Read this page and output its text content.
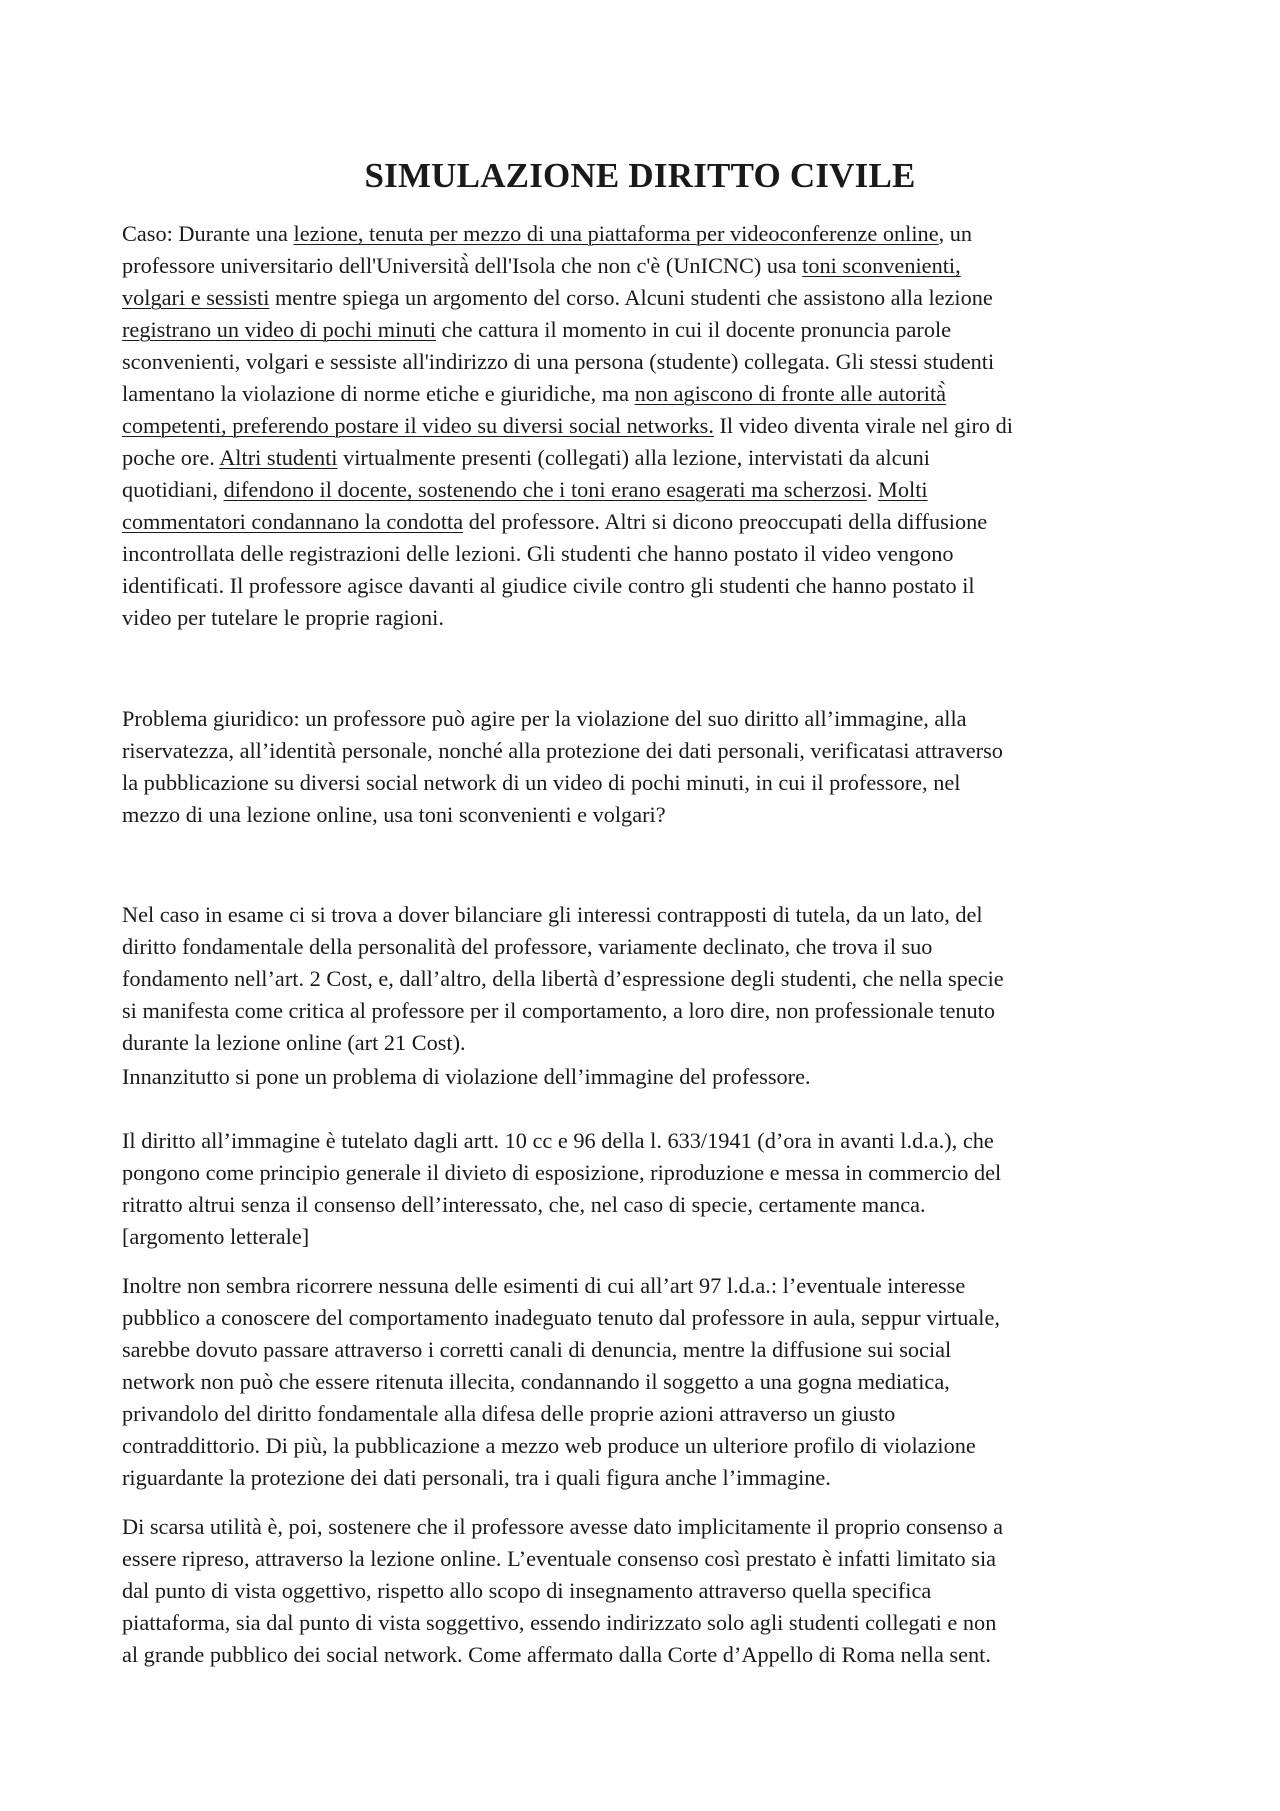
SIMULAZIONE DIRITTO CIVILE
Caso: Durante una lezione, tenuta per mezzo di una piattaforma per videoconferenze online, un
professore universitario dell'Università̀ dell'Isola che non c'è (UnICNC) usa toni sconvenienti,
volgari e sessisti mentre spiega un argomento del corso. Alcuni studenti che assistono alla lezione
registrano un video di pochi minuti che cattura il momento in cui il docente pronuncia parole
sconvenienti, volgari e sessiste all'indirizzo di una persona (studente) collegata. Gli stessi studenti
lamentano la violazione di norme etiche e giuridiche, ma non agiscono di fronte alle autorità̀
competenti, preferendo postare il video su diversi social networks. Il video diventa virale nel giro di
poche ore. Altri studenti virtualmente presenti (collegati) alla lezione, intervistati da alcuni
quotidiani, difendono il docente, sostenendo che i toni erano esagerati ma scherzosi. Molti
commentatori condannano la condotta del professore. Altri si dicono preoccupati della diffusione
incontrollata delle registrazioni delle lezioni. Gli studenti che hanno postato il video vengono
identificati. Il professore agisce davanti al giudice civile contro gli studenti che hanno postato il
video per tutelare le proprie ragioni.
Problema giuridico: un professore può agire per la violazione del suo diritto all’immagine, alla
riservatezza, all’identità personale, nonché alla protezione dei dati personali, verificatasi attraverso
la pubblicazione su diversi social network di un video di pochi minuti, in cui il professore, nel
mezzo di una lezione online, usa toni sconvenienti e volgari?
Nel caso in esame ci si trova a dover bilanciare gli interessi contrapposti di tutela, da un lato, del
diritto fondamentale della personalità del professore, variamente declinato, che trova il suo
fondamento nell’art. 2 Cost, e, dall’altro, della libertà d’espressione degli studenti, che nella specie
si manifesta come critica al professore per il comportamento, a loro dire, non professionale tenuto
durante la lezione online (art 21 Cost).
Innanzitutto si pone un problema di violazione dell’immagine del professore.
Il diritto all’immagine è tutelato dagli artt. 10 cc e 96 della l. 633/1941 (d’ora in avanti l.d.a.), che
pongono come principio generale il divieto di esposizione, riproduzione e messa in commercio del
ritratto altrui senza il consenso dell’interessato, che, nel caso di specie, certamente manca.
[argomento letterale]
Inoltre non sembra ricorrere nessuna delle esimenti di cui all’art 97 l.d.a.: l’eventuale interesse
pubblico a conoscere del comportamento inadeguato tenuto dal professore in aula, seppur virtuale,
sarebbe dovuto passare attraverso i corretti canali di denuncia, mentre la diffusione sui social
network non può che essere ritenuta illecita, condannando il soggetto a una gogna mediatica,
privandolo del diritto fondamentale alla difesa delle proprie azioni attraverso un giusto
contraddittorio. Di più, la pubblicazione a mezzo web produce un ulteriore profilo di violazione
riguardante la protezione dei dati personali, tra i quali figura anche l’immagine.
Di scarsa utilità è, poi, sostenere che il professore avesse dato implicitamente il proprio consenso a
essere ripreso, attraverso la lezione online. L’eventuale consenso così prestato è infatti limitato sia
dal punto di vista oggettivo, rispetto allo scopo di insegnamento attraverso quella specifica
piattaforma, sia dal punto di vista soggettivo, essendo indirizzato solo agli studenti collegati e non
al grande pubblico dei social network. Come affermato dalla Corte d’Appello di Roma nella sent.
